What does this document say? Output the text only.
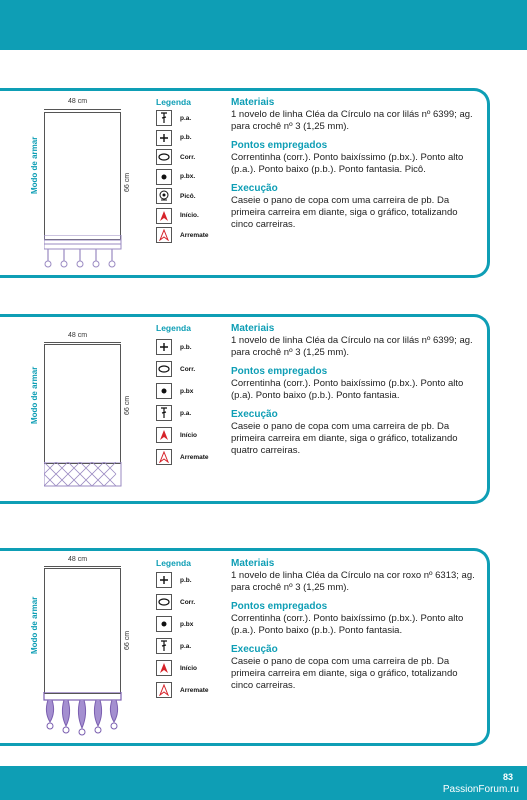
Modo de armar
48 cm
66 cm
Legenda
p.a.
p.b.
Corr.
p.bx.
Picô.
Início.
Arremate
Materiais
1 novelo de linha Cléa da Círculo na cor lilás nº 6399; ag. para crochê nº 3 (1,25 mm).
Pontos empregados
Correntinha (corr.). Ponto baixíssimo (p.bx.). Ponto alto (p.a.). Ponto baixo (p.b.). Ponto fantasia. Picô.
Execução
Caseie o pano de copa com uma carreira de pb. Da primeira carreira em diante, siga o gráfico, totalizando cinco carreiras.
Modo de armar
48 cm
66 cm
Legenda
p.b.
Corr.
p.bx
p.a.
Início
Arremate
Materiais
1 novelo de linha Cléa da Círculo na cor lilás nº 6399; ag. para crochê nº 3 (1,25 mm).
Pontos empregados
Correntinha (corr.). Ponto baixíssimo (p.bx.). Ponto alto (p.a). Ponto baixo (p.b.). Ponto fantasia.
Execução
Caseie o pano de copa com uma carreira de pb. Da primeira carreira em diante, siga o gráfico, totalizando quatro carreiras.
Modo de armar
48 cm
66 cm
Legenda
p.b.
Corr.
p.bx
p.a.
Início
Arremate
Materiais
1 novelo de linha Cléa da Círculo na cor roxo nº 6313; ag. para crochê nº 3 (1,25 mm).
Pontos empregados
Correntinha (corr.). Ponto baixíssimo (p.bx.). Ponto alto (p.a.). Ponto baixo (p.b.). Ponto fantasia.
Execução
Caseie o pano de copa com uma carreira de pb. Da primeira carreira em diante, siga o gráfico, totalizando cinco carreiras.
83
PassionForum.ru
